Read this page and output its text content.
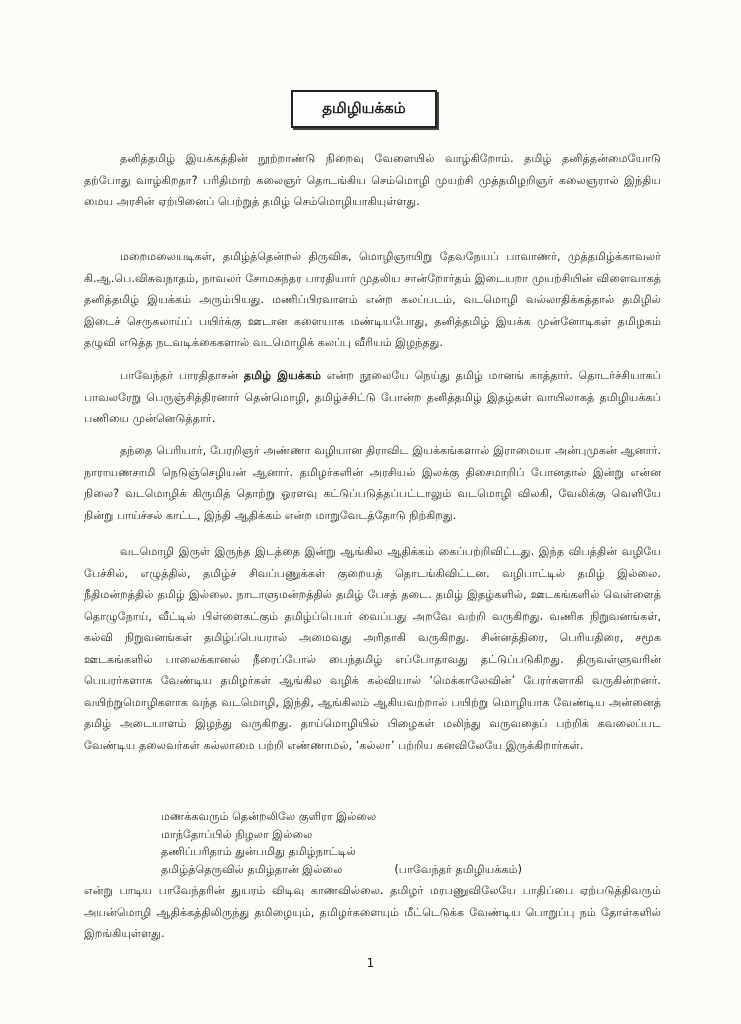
தமிழியக்கம்

தனித்தமிழ் இயக்கத்தின் நூற்றாண்டு நிறைவு வேளையில் வாழ்கிறோம். தமிழ் தனித்தன்மையோடு தற்போது வாழ்கிறதா? பரிதிமாற் கலைஞர் தொடங்கிய செம்மொழி முயற்சி முத்தமிழறிஞர் கலைஞரால் இந்திய மைய அரசின் ஏற்பினைப் பெற்றுத் தமிழ் செம்மொழியாகியுள்ளது.

மறைமலையடிகள், தமிழ்த்தென்றல் திருவிக, மொழிஞாயிறு தேவநேயப் பாவாணர், முத்தமிழ்க்காவலர் கி.ஆ.பெ.விசுவநாதம், நாவலர் சோமசுந்தர பாரதியார் முதலிய சான்றோர்தம் இடையறா முயற்சியின் விளைவாகத் தனித்தமிழ் இயக்கம் அரும்பியது. மணிப்பிரவாளம் என்ற கலப்படம், வடமொழி வல்லாதிக்கத்தால் தமிழில் இடைச் செருகலாய்ப் பயிர்க்கு ஊடான களையாக மண்டியபோது, தனித்தமிழ் இயக்க முன்னோடிகள் தமிழகம் தழுவி எடுத்த நடவடிக்கைகளால் வடமொழிக் கலப்பு வீரியம் இழந்தது.

பாவேந்தர் பாரதிதாசன் தமிழ் இயக்கம் என்ற நூலையே நெய்து தமிழ் மானங் காத்தார். தொடர்ச்சியாகப் பாவலரேறு பெருஞ்சித்திரனார் தென்மொழி, தமிழ்ச்சிட்டு போன்ற தனித்தமிழ் இதழ்கள் வாயிலாகத் தமிழியக்கப் பணியை முன்னெடுத்தார்.

தந்தை பெரியார், பேரறிஞர் அண்ணா வழியான திராவிட இயக்கங்களால் இராமையா அன்புமுகன் ஆனார். நாராயணசாமி நெடுஞ்செழியன் ஆனார். தமிழர்களின் அரசியல் இலக்கு திசைமாறிப் போனதால் இன்று என்ன நிலை? வடமொழிக் கிருமித் தொற்று ஓரளவு கட்டுப்படுத்தப்பட்டாலும் வடமொழி விலகி, வேலிக்கு வெளியே நின்று பாய்ச்சல் காட்ட, இந்தி ஆதிக்கம் என்ற மாறுவேடத்தோடு நிற்கிறது.

வடமொழி இருள் இருந்த இடத்தை இன்று ஆங்கில ஆதிக்கம் கைப்பற்றிவிட்டது. இந்த விபத்தின் வழியே பேச்சில், எழுத்தில், தமிழ்ச் சிவப்பணுக்கள் குறையத் தொடங்கிவிட்டன. வழிபாட்டில் தமிழ் இல்லை. நீதிமன்றத்தில் தமிழ் இல்லை. நாடாளுமன்றத்தில் தமிழ் பேசத் தடை. தமிழ் இதழ்களில், ஊடகங்களில் வெள்ளைத் தொழுநோய், வீட்டில் பிள்ளைகட்கும் தமிழ்ப்பெயர் வைப்பது அறவே வற்றி வருகிறது. வணிக நிறுவனங்கள், கல்வி நிறுவனங்கள் தமிழ்ப்பெயரால் அமைவது அரிதாகி வருகிறது. சின்னத்திரை, பெரியதிரை, சமூக ஊடகங்களில் பாலைக்கானல் நீரைப்போல் பைந்தமிழ் எப்போதாவது தட்டுப்படுகிறது. திருவள்ளுவரின் பெயரர்களாக வேண்டிய தமிழர்கள் ஆங்கில வழிக் கல்வியால் ‘மெக்காலேவின்’ பேரர்களாகி வருகின்றனர். வயிற்றுமொழிகளாக வந்த வடமொழி, இந்தி, ஆங்கிலம் ஆகியவற்றால் பயிற்று மொழியாக வேண்டிய அன்னைத் தமிழ் அடையாளம் இழந்து வருகிறது. தாய்மொழியில் பிழைகள் மலிந்து வருவதைப் பற்றிக் கவலைப்பட வேண்டிய தலைவர்கள் கல்லாமை பற்றி எண்ணாமல், ‘கல்லா’ பற்றிய கனவிலேயே இருக்கிறார்கள்.

மணக்கவரும் தென்றலிலே குளிரா இல்லை
மாந்தோப்பில் நிழலா இல்லை
தணிப்பரிதாம் துன்பமிது தமிழ்நாட்டில்
தமிழ்த்தெருவில் தமிழ்தான் இல்லை	(பாவேந்தர் தமிழியக்கம்)

என்று பாடிய பாவேந்தரின் துயரம் விடிவு காணவில்லை. தமிழர் மரபணுவிலேயே பாதிப்பை ஏற்படுத்திவரும் அயன்மொழி ஆதிக்கத்திலிருந்து தமிழையும், தமிழர்களையும் மீட்டெடுக்க வேண்டிய பொறுப்பு நம் தோள்களில் இறங்கியுள்ளது.

1
